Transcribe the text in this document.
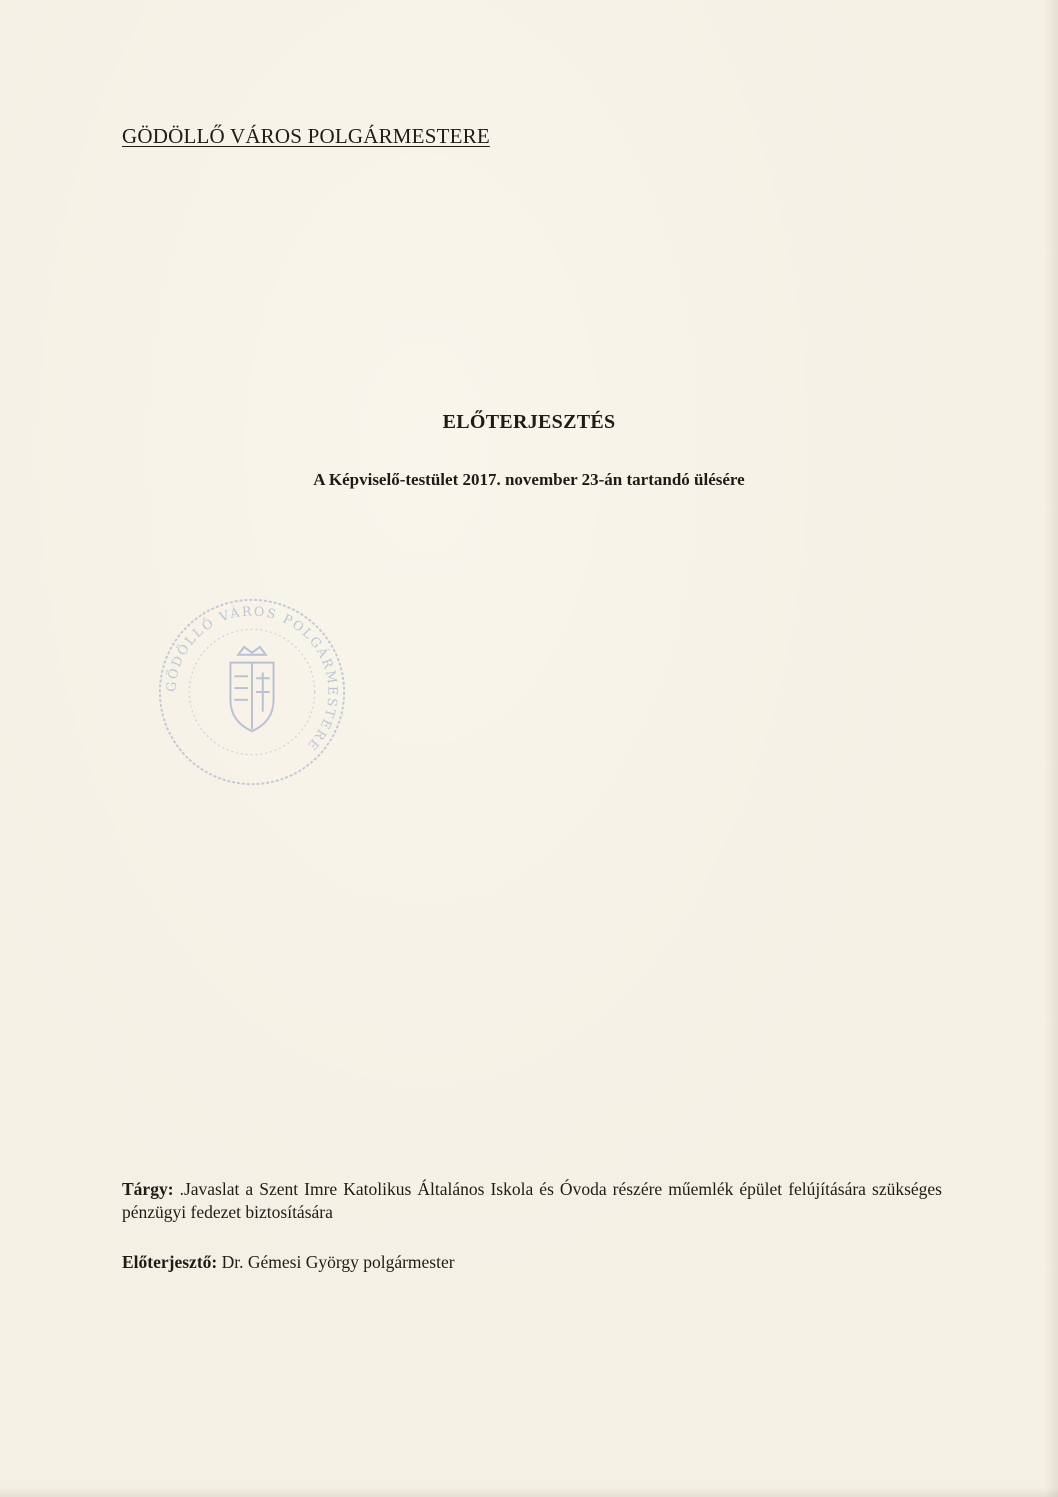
GÖDÖLLŐ VÁROS POLGÁRMESTERE
ELŐTERJESZTÉS
A Képviselő-testület 2017. november 23-án tartandó ülésére
GÖDÖLLŐ VÁROS POLGÁRMESTERE
Tárgy: .Javaslat a Szent Imre Katolikus Általános Iskola és Óvoda részére műemlék épület felújítására szükséges pénzügyi fedezet biztosítására
Előterjesztő: Dr. Gémesi György polgármester
